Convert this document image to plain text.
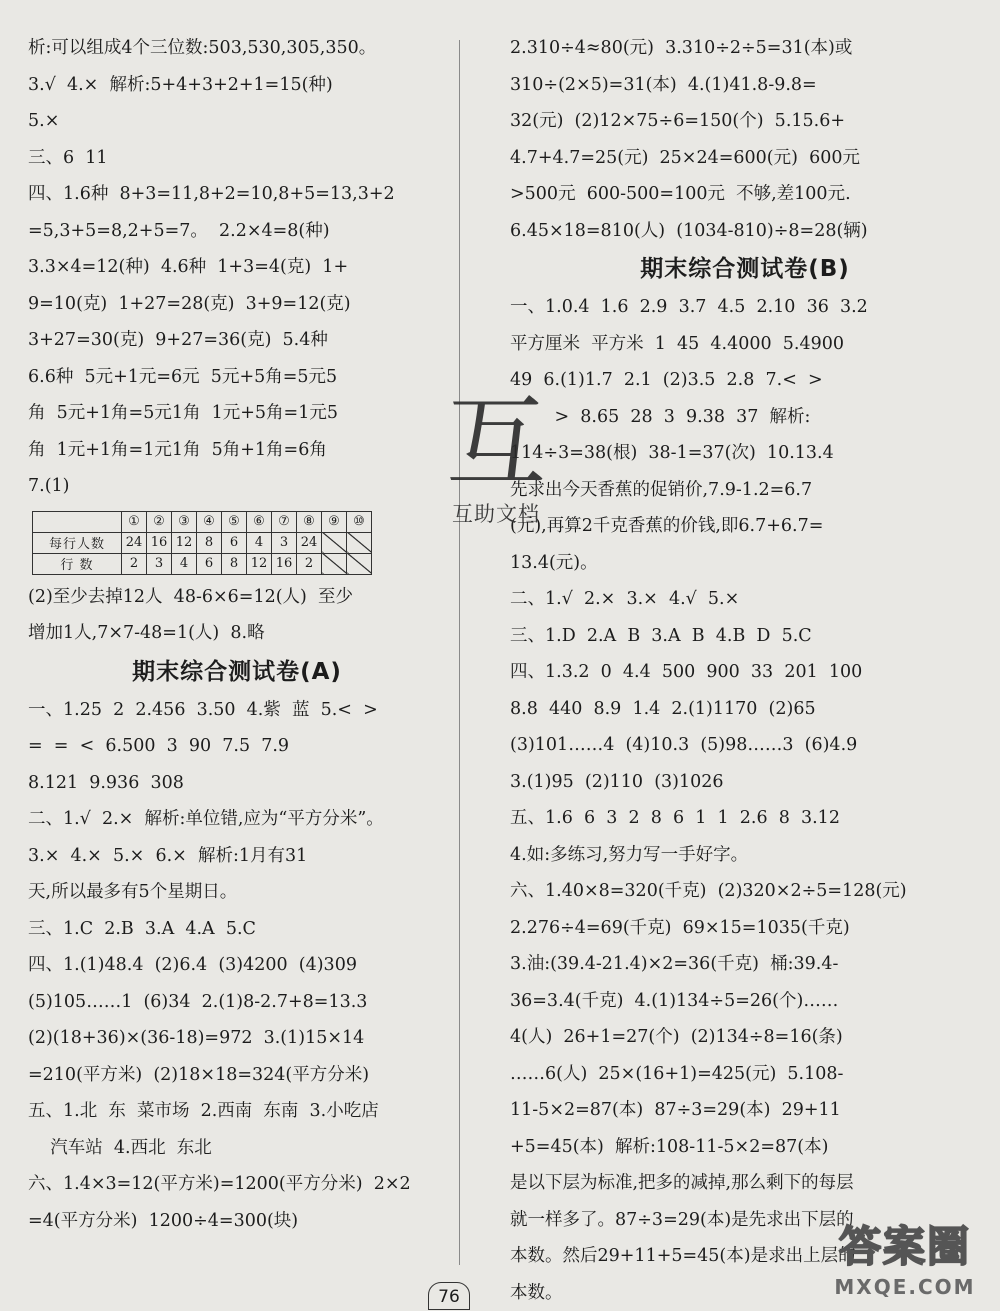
析:可以组成4个三位数:503,530,305,350。
3.√  4.×  解析:5+4+3+2+1=15(种)
5.×
三、6  11
四、1.6种  8+3=11,8+2=10,8+5=13,3+2
=5,3+5=8,2+5=7。  2.2×4=8(种)
3.3×4=12(种)  4.6种  1+3=4(克)  1+
9=10(克)  1+27=28(克)  3+9=12(克)
3+27=30(克)  9+27=36(克)  5.4种
6.6种  5元+1元=6元  5元+5角=5元5
角  5元+1角=5元1角  1元+5角=1元5
角  1元+1角=1元1角  5角+1角=6角
7.(1)
	①	②	③	④	⑤	⑥	⑦	⑧	⑨	⑩
每行人数	24	16	12	8	6	4	3	24		
行 数	2	3	4	6	8	12	16	2		
(2)至少去掉12人  48-6×6=12(人)  至少
增加1人,7×7-48=1(人)  8.略
期末综合测试卷(A)
一、1.25  2  2.456  3.50  4.紫  蓝  5.<  >
=  =  <  6.500  3  90  7.5  7.9
8.121  9.936  308
二、1.√  2.×  解析:单位错,应为“平方分米”。
3.×  4.×  5.×  6.×  解析:1月有31
天,所以最多有5个星期日。
三、1.C  2.B  3.A  4.A  5.C
四、1.(1)48.4  (2)6.4  (3)4200  (4)309
(5)105……1  (6)34  2.(1)8-2.7+8=13.3
(2)(18+36)×(36-18)=972  3.(1)15×14
=210(平方米)  (2)18×18=324(平方分米)
五、1.北  东  菜市场  2.西南  东南  3.小吃店
汽车站  4.西北  东北
六、1.4×3=12(平方米)=1200(平方分米)  2×2
=4(平方分米)  1200÷4=300(块)
2.310÷4≈80(元)  3.310÷2÷5=31(本)或
310÷(2×5)=31(本)  4.(1)41.8-9.8=
32(元)  (2)12×75÷6=150(个)  5.15.6+
4.7+4.7=25(元)  25×24=600(元)  600元
>500元  600-500=100元  不够,差100元.
6.45×18=810(人)  (1034-810)÷8=28(辆)
期末综合测试卷(B)
一、1.0.4  1.6  2.9  3.7  4.5  2.10  36  3.2
平方厘米  平方米  1  45  4.4000  5.4900
49  6.(1)1.7  2.1  (2)3.5  2.8  7.<  >
>  8.65  28  3  9.38  37  解析:
114÷3=38(根)  38-1=37(次)  10.13.4
先求出今天香蕉的促销价,7.9-1.2=6.7
(元),再算2千克香蕉的价钱,即6.7+6.7=
13.4(元)。
二、1.√  2.×  3.×  4.√  5.×
三、1.D  2.A  B  3.A  B  4.B  D  5.C
四、1.3.2  0  4.4  500  900  33  201  100
8.8  440  8.9  1.4  2.(1)1170  (2)65
(3)101……4  (4)10.3  (5)98……3  (6)4.9
3.(1)95  (2)110  (3)1026
五、1.6  6  3  2  8  6  1  1  2.6  8  3.12
4.如:多练习,努力写一手好字。
六、1.40×8=320(千克)  (2)320×2÷5=128(元)
2.276÷4=69(千克)  69×15=1035(千克)
3.油:(39.4-21.4)×2=36(千克)  桶:39.4-
36=3.4(千克)  4.(1)134÷5=26(个)……
4(人)  26+1=27(个)  (2)134÷8=16(条)
……6(人)  25×(16+1)=425(元)  5.108-
11-5×2=87(本)  87÷3=29(本)  29+11
+5=45(本)  解析:108-11-5×2=87(本)
是以下层为标准,把多的减掉,那么剩下的每层
就一样多了。87÷3=29(本)是先求出下层的
本数。然后29+11+5=45(本)是求出上层的
本数。
互
互助文档
76
答案圈
MXQE.COM
